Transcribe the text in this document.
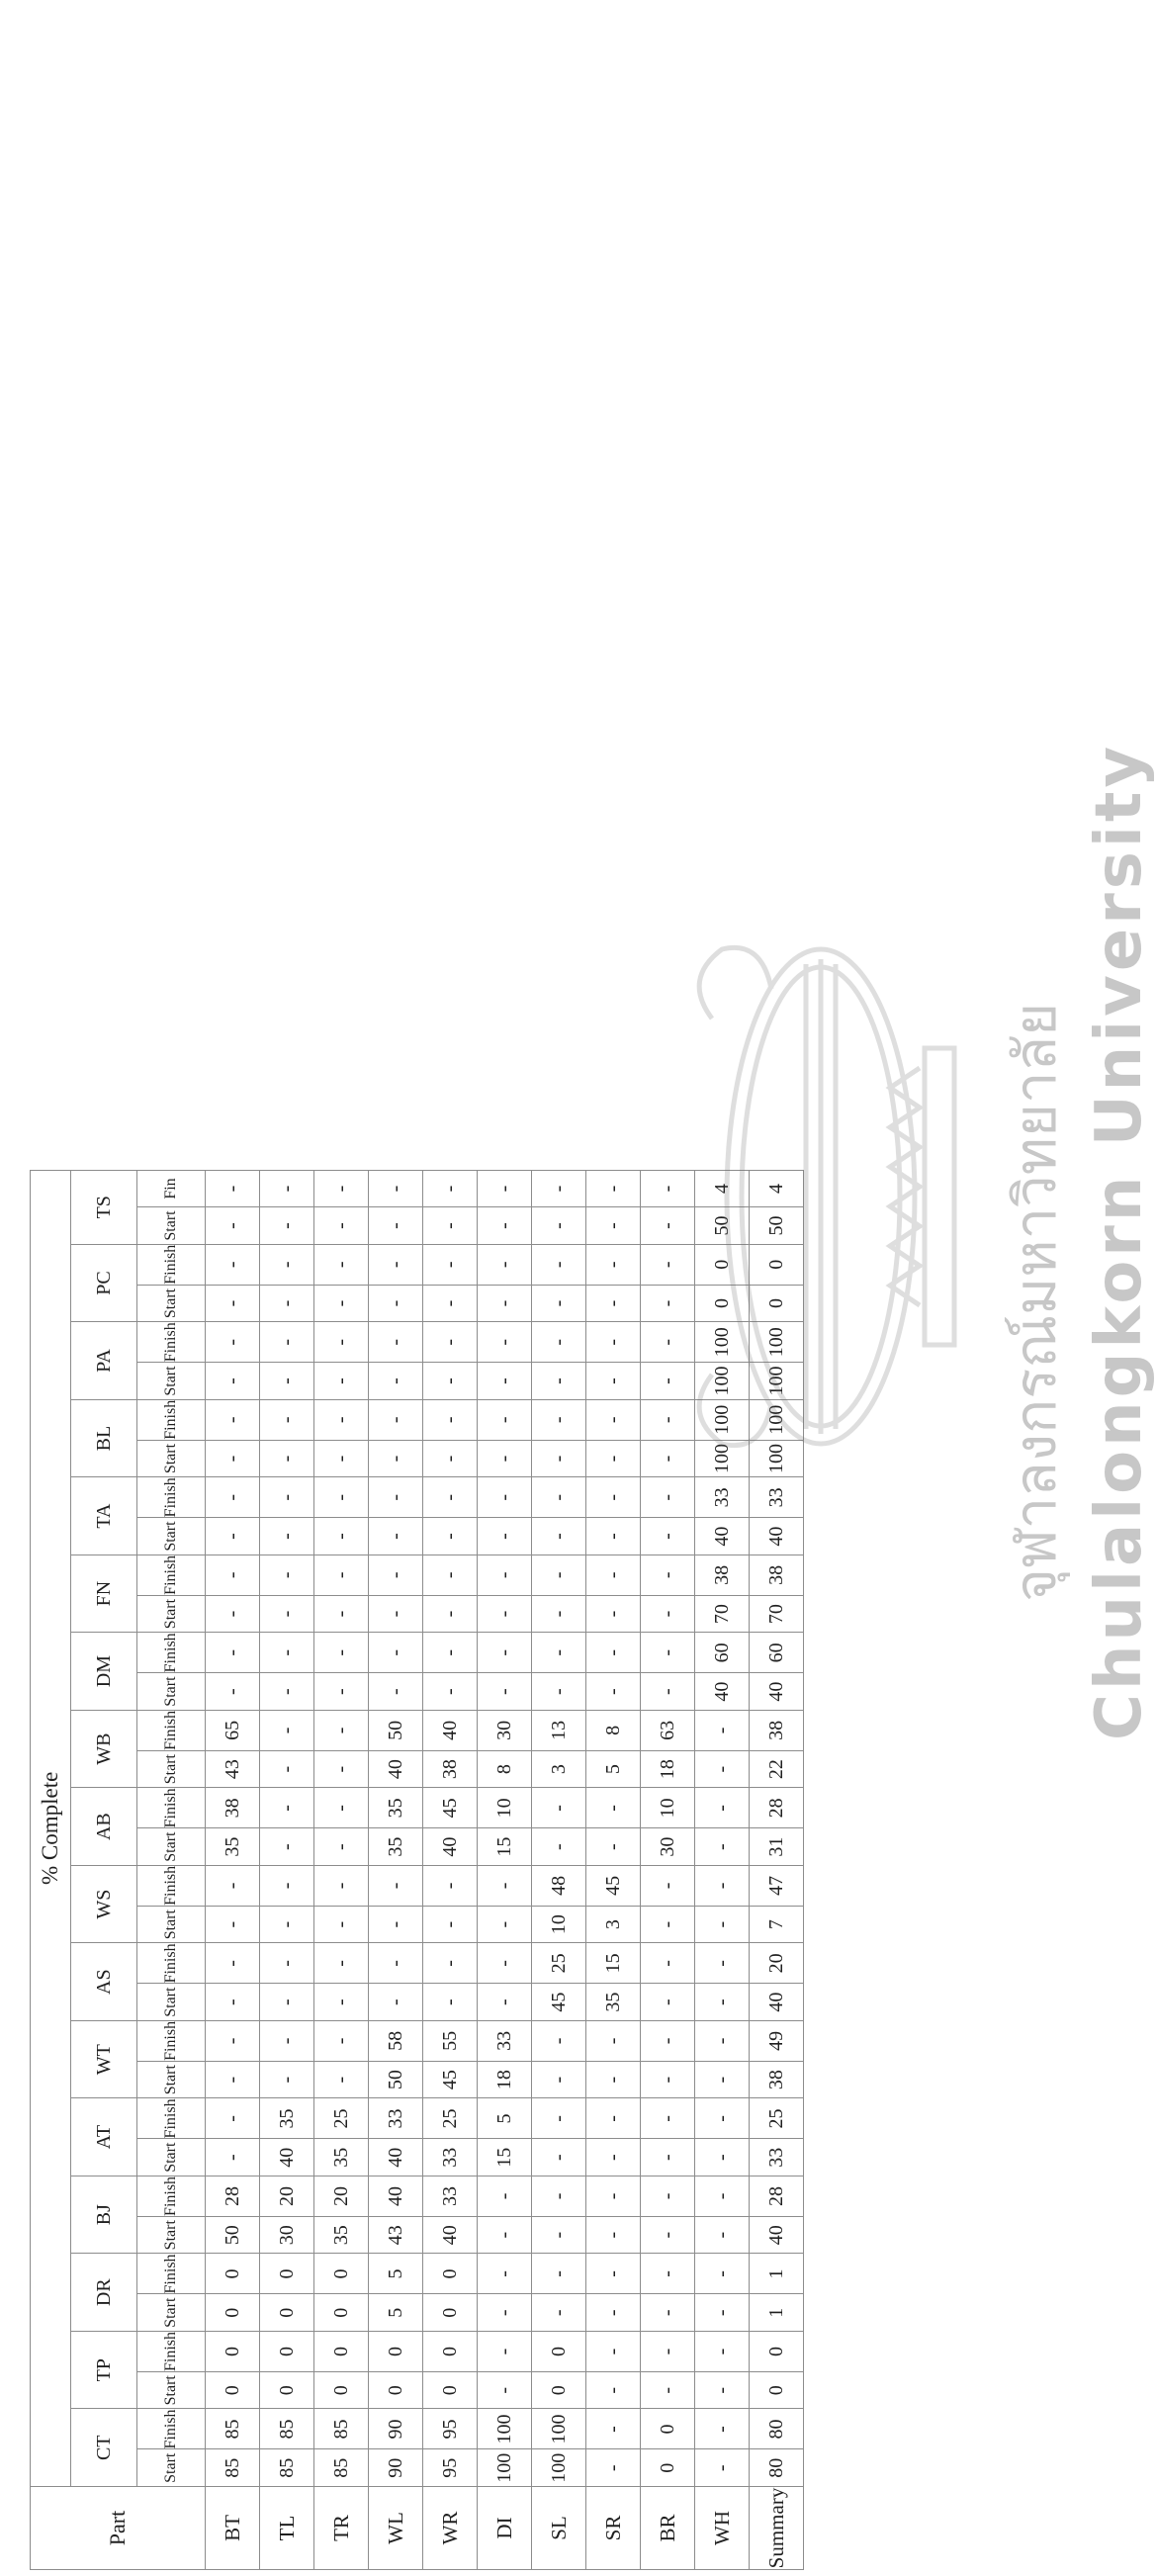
Part	% Complete																																	
	CT		TP		DR		BJ		AT		WT		AS		WS		AB		WB		DM		FN		TA		BL		PA		PC		TS	
	Start	Finish	Start	Finish	Start	Finish	Start	Finish	Start	Finish	Start	Finish	Start	Finish	Start	Finish	Start	Finish	Start	Finish	Start	Finish	Start	Finish	Start	Finish	Start	Finish	Start	Finish	Start	Finish	Start	Fin
BT	85	85	0	0	0	0	50	28	-	-	-	-	-	-	-	-	35	38	43	65	-	-	-	-	-	-	-	-	-	-	-	-	-	-
TL	85	85	0	0	0	0	30	20	40	35	-	-	-	-	-	-	-	-	-	-	-	-	-	-	-	-	-	-	-	-	-	-	-	-
TR	85	85	0	0	0	0	35	20	35	25	-	-	-	-	-	-	-	-	-	-	-	-	-	-	-	-	-	-	-	-	-	-	-	-
WL	90	90	0	0	5	5	43	40	40	33	50	58	-	-	-	-	35	35	40	50	-	-	-	-	-	-	-	-	-	-	-	-	-	-
WR	95	95	0	0	0	0	40	33	33	25	45	55	-	-	-	-	40	45	38	40	-	-	-	-	-	-	-	-	-	-	-	-	-	-
DI	100	100	-	-	-	-	-	-	15	5	18	33	-	-	-	-	15	10	8	30	-	-	-	-	-	-	-	-	-	-	-	-	-	-
SL	100	100	0	0	-	-	-	-	-	-	-	-	45	25	10	48	-	-	3	13	-	-	-	-	-	-	-	-	-	-	-	-	-	-
SR	-	-	-	-	-	-	-	-	-	-	-	-	35	15	3	45	-	-	5	8	-	-	-	-	-	-	-	-	-	-	-	-	-	-
BR	0	0	-	-	-	-	-	-	-	-	-	-	-	-	-	-	30	10	18	63	-	-	-	-	-	-	-	-	-	-	-	-	-	-
WH	-	-	-	-	-	-	-	-	-	-	-	-	-	-	-	-	-	-	-	-	40	60	70	38	40	33	100	100	100	100	0	0	50	4
Summary	80	80	0	0	1	1	40	28	33	25	38	49	40	20	7	47	31	28	22	38	40	60	70	38	40	33	100	100	100	100	0	0	50	4	จุฬาลงกรณ์มหาวิทยาลัย Chulalongkorn University
